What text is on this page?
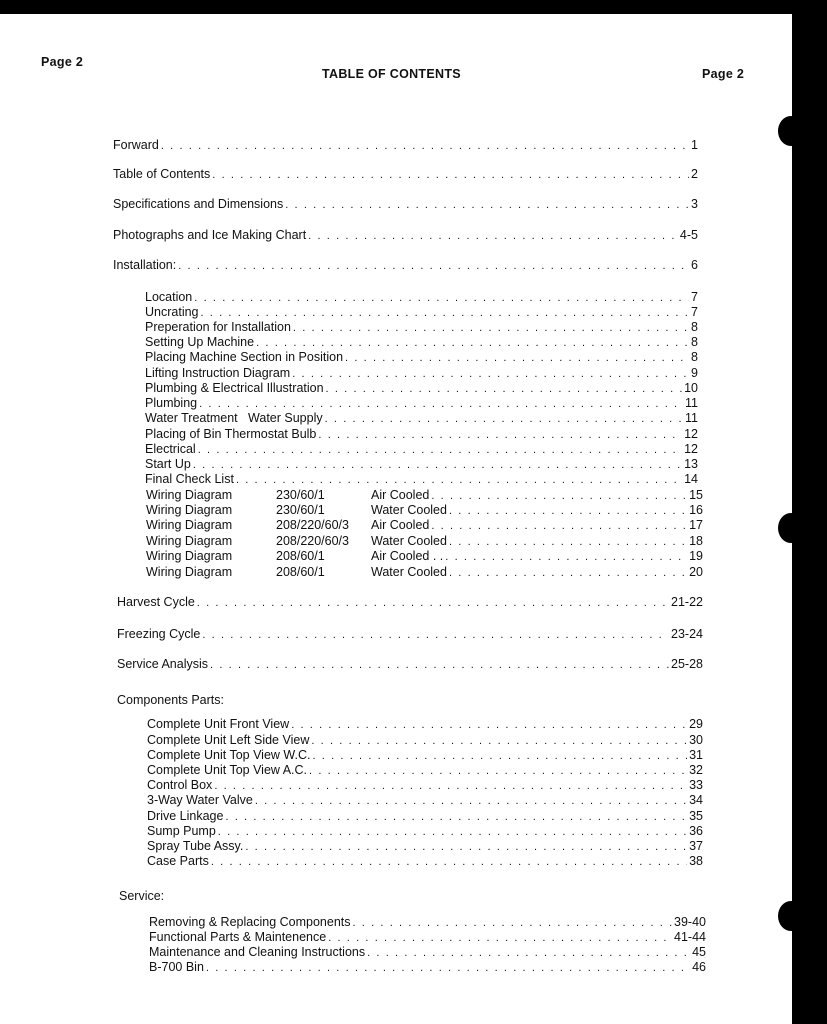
Page 2
TABLE OF CONTENTS	Page 2
Forward . . .	1
Table of Contents . . .	2
Specifications and Dimensions . . .	3
Photographs and Ice Making Chart . . .	4-5
Installation: . . .	6
Location . . .	7
Uncrating . . .	7
Preperation for Installation . . .	8
Setting Up Machine . . .	8
Placing Machine Section in Position . . .	8
Lifting Instruction Diagram . . .	9
Plumbing & Electrical Illustration . . .	10
Plumbing . . .	11
Water Treatment   Water Supply . . .	11
Placing of Bin Thermostat Bulb . . .	12
Electrical . . .	12
Start Up . . .	13
Final Check List . . .	14
Wiring Diagram	230/60/1	Air Cooled . . .	15
Wiring Diagram	230/60/1	Water Cooled . . .	16
Wiring Diagram	208/220/60/3	Air Cooled . . .	17
Wiring Diagram	208/220/60/3	Water Cooled . . .	18
Wiring Diagram	208/60/1	Air Cooled . . . . .	19
Wiring Diagram	208/60/1	Water Cooled . . .	20
Harvest Cycle . . .	21-22
Freezing Cycle . . .	23-24
Service Analysis . . .	25-28
Complete Unit Front View . . .	29
Complete Unit Left Side View . . .	30
Complete Unit Top View W.C. . . .	31
Complete Unit Top View A.C. . . .	32
Control Box . . .	33
3-Way Water Valve . . .	34
Drive Linkage . . .	35
Sump Pump . . .	36
Spray Tube Assy. . . .	37
Case Parts . . .	38
Removing & Replacing Components . . .	39-40
Functional Parts & Maintenence . . .	41-44
Maintenance and Cleaning Instructions . . .	45
B-700 Bin . . .	46
Components Parts:
Service:
